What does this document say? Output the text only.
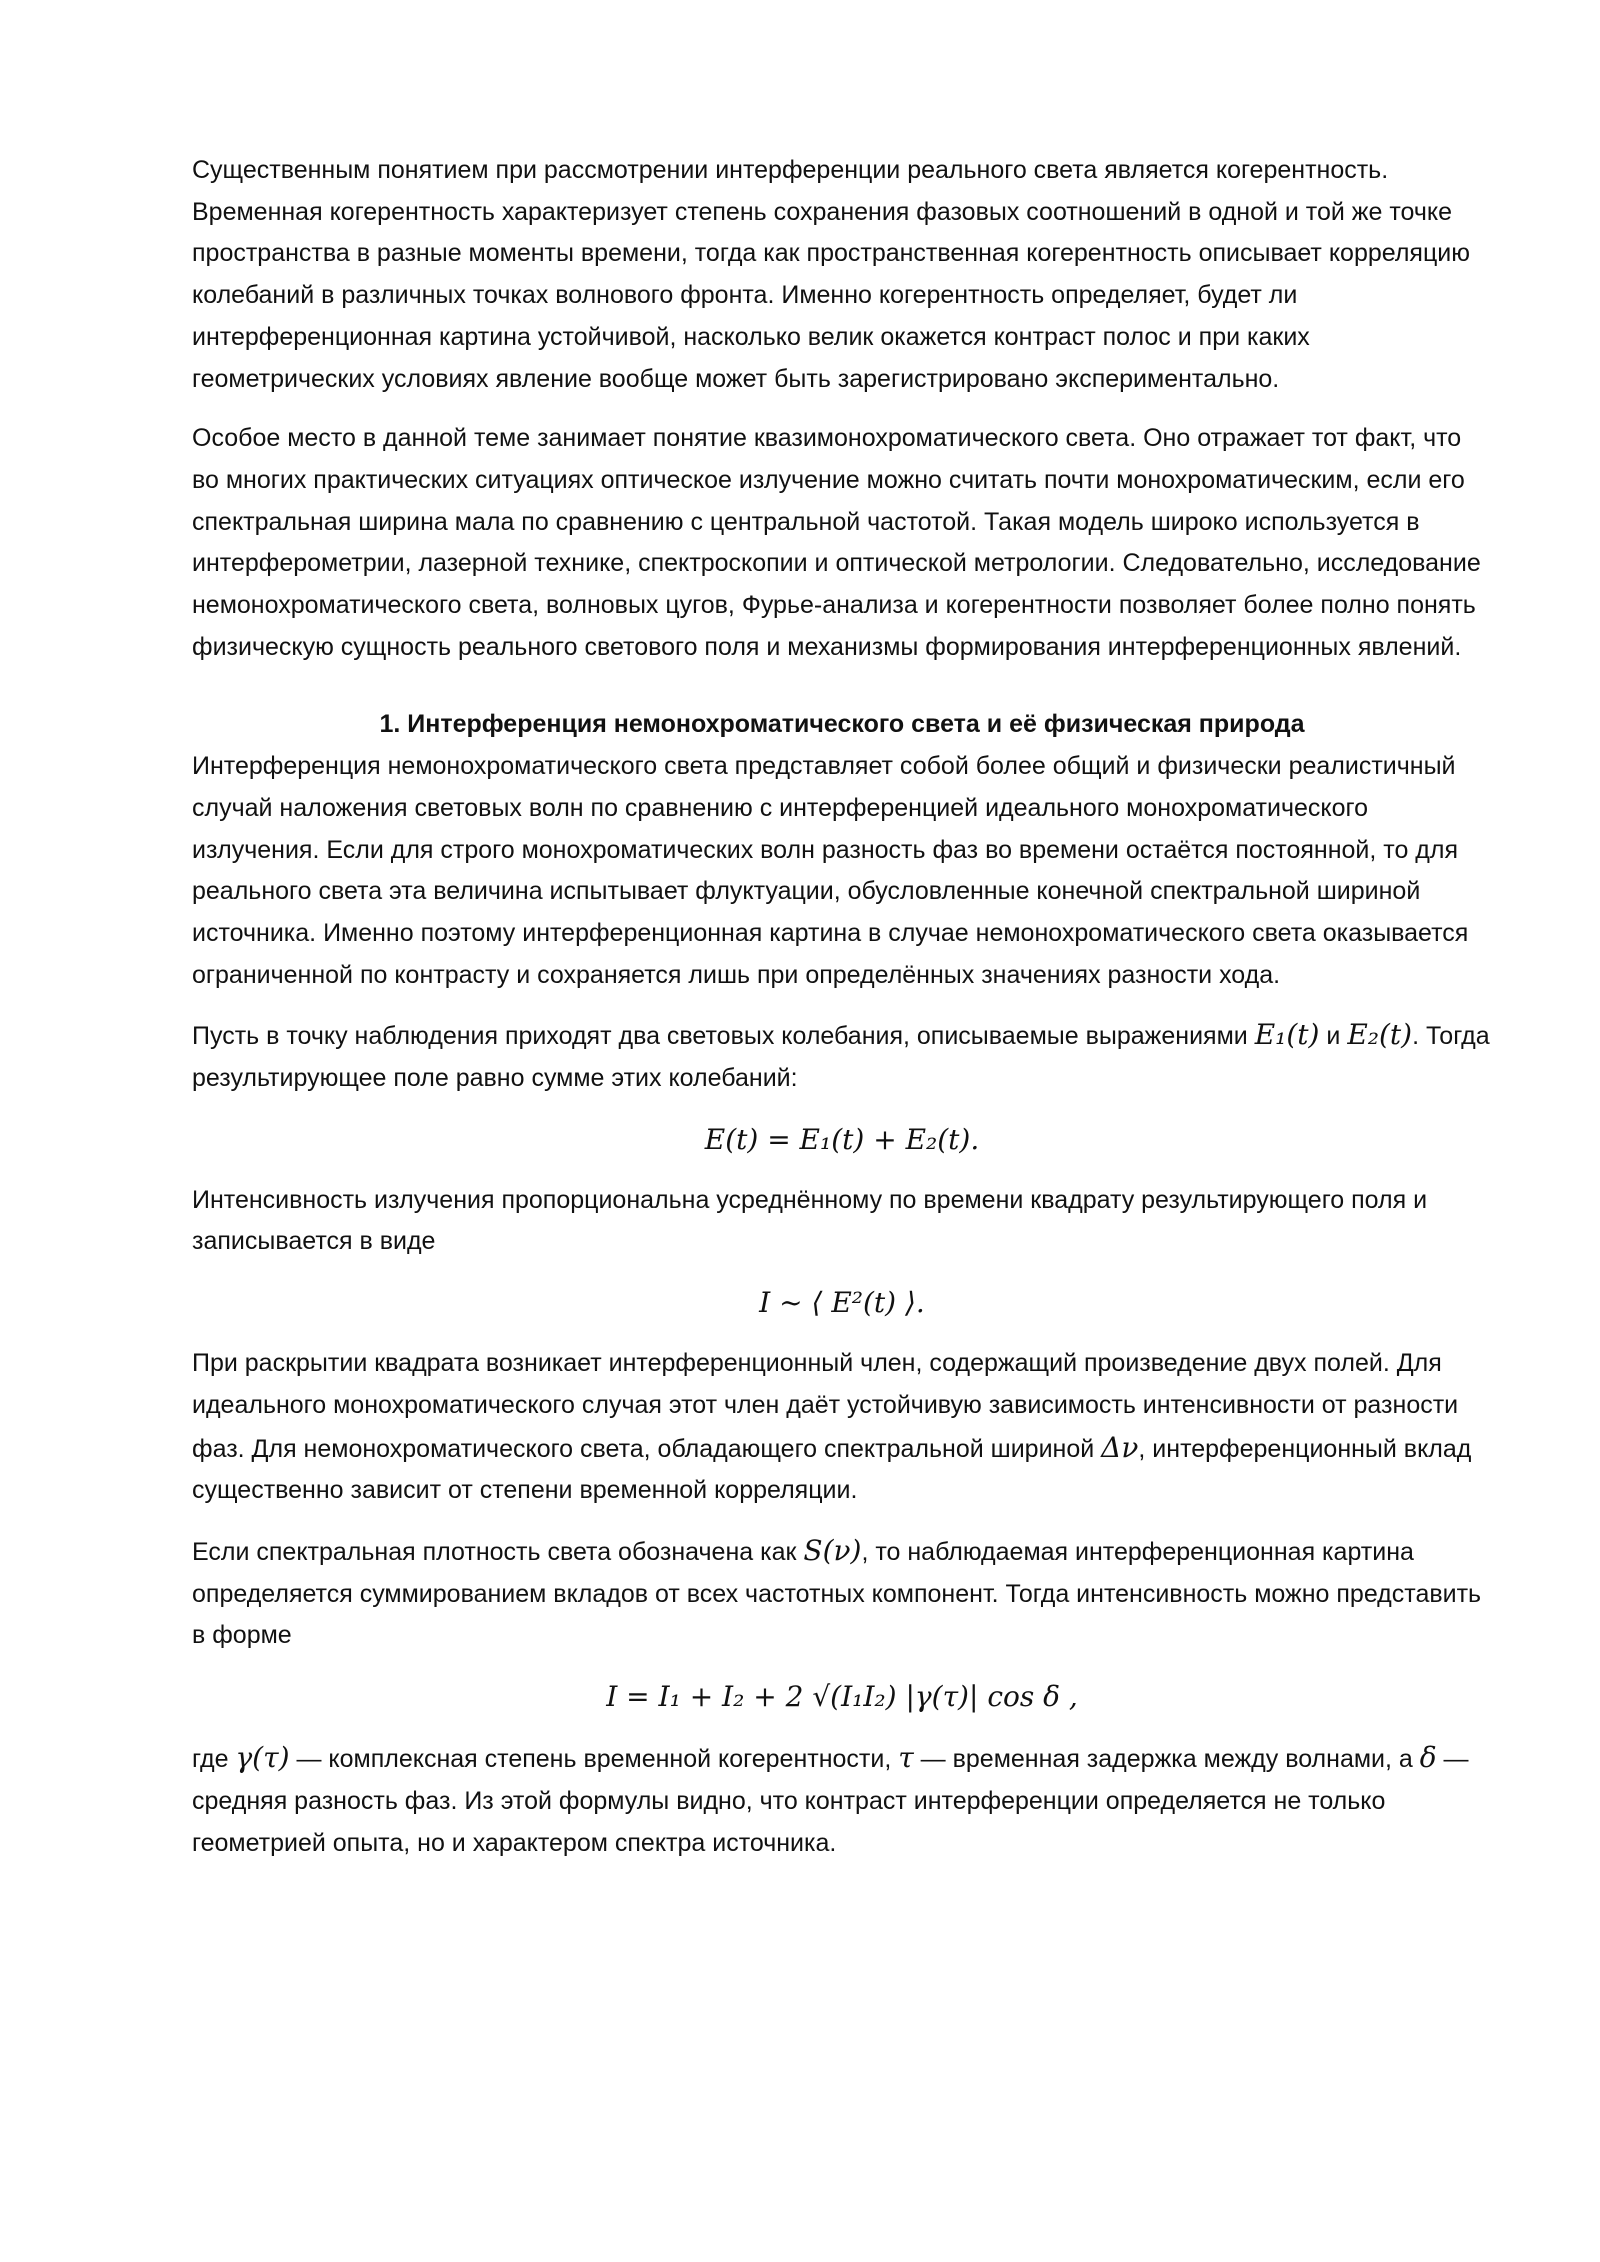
Существенным понятием при рассмотрении интерференции реального света является когерентность. Временная когерентность характеризует степень сохранения фазовых соотношений в одной и той же точке пространства в разные моменты времени, тогда как пространственная когерентность описывает корреляцию колебаний в различных точках волнового фронта. Именно когерентность определяет, будет ли интерференционная картина устойчивой, насколько велик окажется контраст полос и при каких геометрических условиях явление вообще может быть зарегистрировано экспериментально.

Особое место в данной теме занимает понятие квазимонохроматического света. Оно отражает тот факт, что во многих практических ситуациях оптическое излучение можно считать почти монохроматическим, если его спектральная ширина мала по сравнению с центральной частотой. Такая модель широко используется в интерферометрии, лазерной технике, спектроскопии и оптической метрологии. Следовательно, исследование немонохроматического света, волновых цугов, Фурье-анализа и когерентности позволяет более полно понять физическую сущность реального светового поля и механизмы формирования интерференционных явлений.

1. Интерференция немонохроматического света и её физическая природа

Интерференция немонохроматического света представляет собой более общий и физически реалистичный случай наложения световых волн по сравнению с интерференцией идеального монохроматического излучения. Если для строго монохроматических волн разность фаз во времени остаётся постоянной, то для реального света эта величина испытывает флуктуации, обусловленные конечной спектральной шириной источника. Именно поэтому интерференционная картина в случае немонохроматического света оказывается ограниченной по контрасту и сохраняется лишь при определённых значениях разности хода.

Пусть в точку наблюдения приходят два световых колебания, описываемые выражениями E₁(t) и E₂(t). Тогда результирующее поле равно сумме этих колебаний:

E(t) = E₁(t) + E₂(t).

Интенсивность излучения пропорциональна усреднённому по времени квадрату результирующего поля и записывается в виде

I ~ ⟨ E²(t) ⟩.

При раскрытии квадрата возникает интерференционный член, содержащий произведение двух полей. Для идеального монохроматического случая этот член даёт устойчивую зависимость интенсивности от разности фаз. Для немонохроматического света, обладающего спектральной шириной Δν, интерференционный вклад существенно зависит от степени временной корреляции.

Если спектральная плотность света обозначена как S(ν), то наблюдаемая интерференционная картина определяется суммированием вкладов от всех частотных компонент. Тогда интенсивность можно представить в форме

I = I₁ + I₂ + 2 √(I₁I₂) |γ(τ)| cos δ ,

где γ(τ) — комплексная степень временной когерентности, τ — временная задержка между волнами, а δ — средняя разность фаз. Из этой формулы видно, что контраст интерференции определяется не только геометрией опыта, но и характером спектра источника.
